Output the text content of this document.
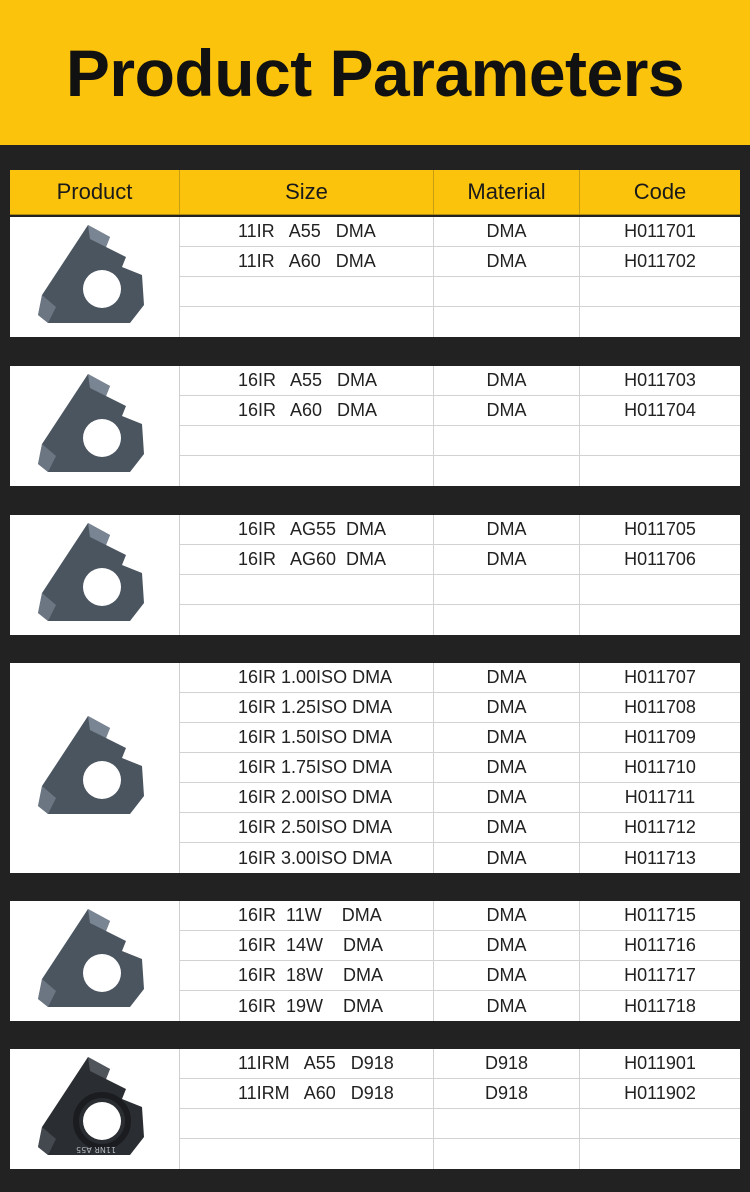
Product Parameters
Product	Size	Material	Code
11IR   A55   DMA	DMA	H011701
11IR   A60   DMA	DMA	H011702
16IR   A55   DMA	DMA	H011703
16IR   A60   DMA	DMA	H011704
16IR   AG55  DMA	DMA	H011705
16IR   AG60  DMA	DMA	H011706
16IR 1.00ISO DMA	DMA	H011707
16IR 1.25ISO DMA	DMA	H011708
16IR 1.50ISO DMA	DMA	H011709
16IR 1.75ISO DMA	DMA	H011710
16IR 2.00ISO DMA	DMA	H011711
16IR 2.50ISO DMA	DMA	H011712
16IR 3.00ISO DMA	DMA	H011713
16IR  11W    DMA	DMA	H011715
16IR  14W    DMA	DMA	H011716
16IR  18W    DMA	DMA	H011717
16IR  19W    DMA	DMA	H011718
11NR A55
11IRM   A55   D918	D918	H011901
11IRM   A60   D918	D918	H011902
